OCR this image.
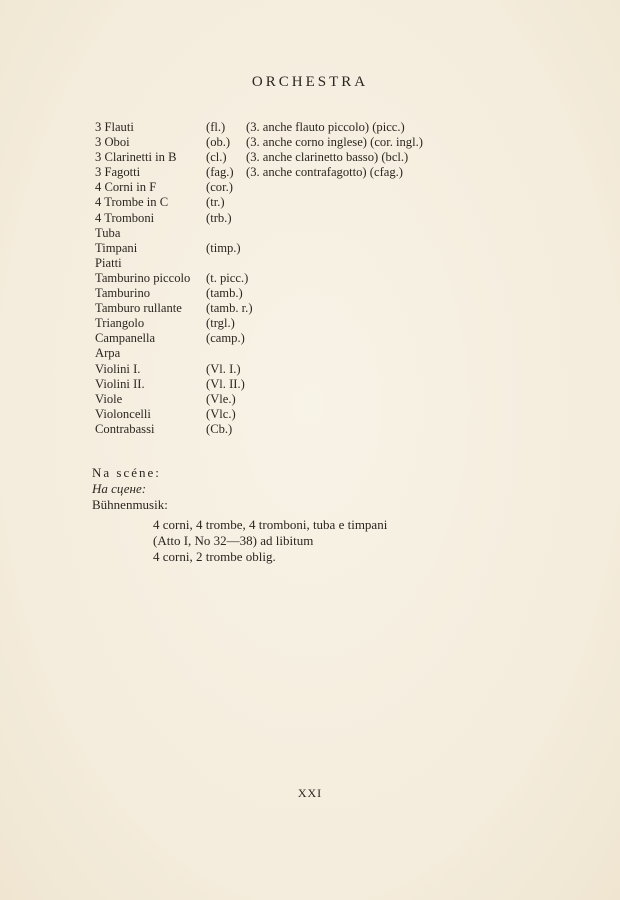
ORCHESTRA
3 Flauti	(fl.) (3. anche flauto piccolo) (picc.)
3 Oboi	(ob.) (3. anche corno inglese) (cor. ingl.)
3 Clarinetti in B (cl.) (3. anche clarinetto basso) (bcl.)
3 Fagotti	(fag.) (3. anche contrafagotto) (cfag.)
4 Corni in F	(cor.)
4 Trombe in C	(tr.)
4 Tromboni	(trb.)
Tuba
Timpani	(timp.)
Piatti
Tamburino piccolo (t. picc.)
Tamburino	(tamb.)
Tamburo rullante (tamb. r.)
Triangolo	(trgl.)
Campanella	(camp.)
Arpa
Violini I.	(Vl. I.)
Violini II.	(Vl. II.)
Viole	(Vle.)
Violoncelli	(Vlc.)
Contrabassi	(Cb.)
Na scéne:
На сцене:
Bühnenmusik:
4 corni, 4 trombe, 4 tromboni, tuba e timpani
(Atto I, No 32—38) ad libitum
4 corni, 2 trombe oblig.
XXI
